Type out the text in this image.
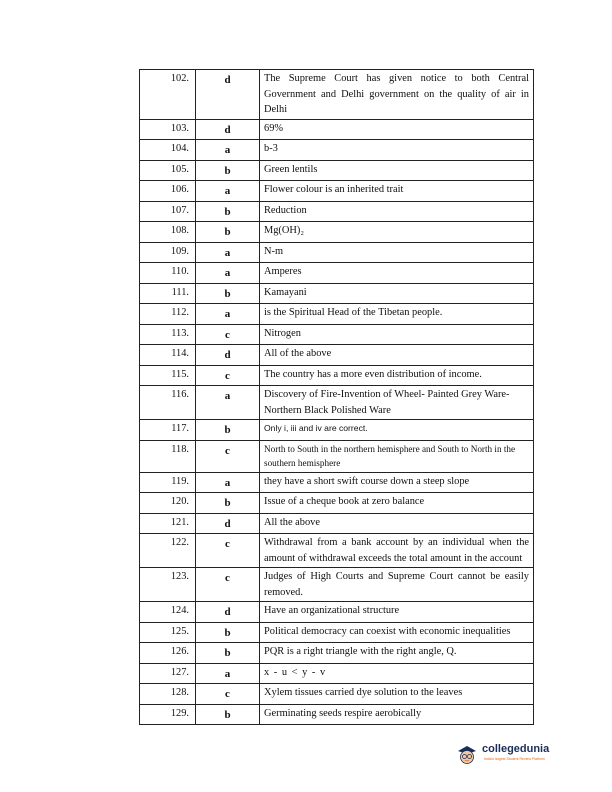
102.	d	The Supreme Court has given notice to both Central Government and Delhi government on the quality of air in Delhi
103.	d	69%
104.	a	b-3
105.	b	Green lentils
106.	a	Flower colour is an inherited trait
107.	b	Reduction
108.	b	Mg(OH)₂
109.	a	N-m
110.	a	Amperes
111.	b	Kamayani
112.	a	is the Spiritual Head of the Tibetan people.
113.	c	Nitrogen
114.	d	All of the above
115.	c	The country has a more even distribution of income.
116.	a	Discovery of Fire-Invention of Wheel- Painted Grey Ware- Northern Black Polished Ware
117.	b	Only i, iii and iv are correct.
118.	c	North to South in the northern hemisphere and South to North in the southern hemisphere
119.	a	they have a short swift course down a steep slope
120.	b	Issue of a cheque book at zero balance
121.	d	All the above
122.	c	Withdrawal from a bank account by an individual when the amount of withdrawal exceeds the total amount in the account
123.	c	Judges of High Courts and Supreme Court cannot be easily removed.
124.	d	Have an organizational structure
125.	b	Political democracy can coexist with economic inequalities
126.	b	PQR is a right triangle with the right angle, Q.
127.	a	x - u < y - v
128.	c	Xylem tissues carried dye solution to the leaves
129.	b	Germinating seeds respire aerobically
collegedunia
India's largest Student Review Platform
